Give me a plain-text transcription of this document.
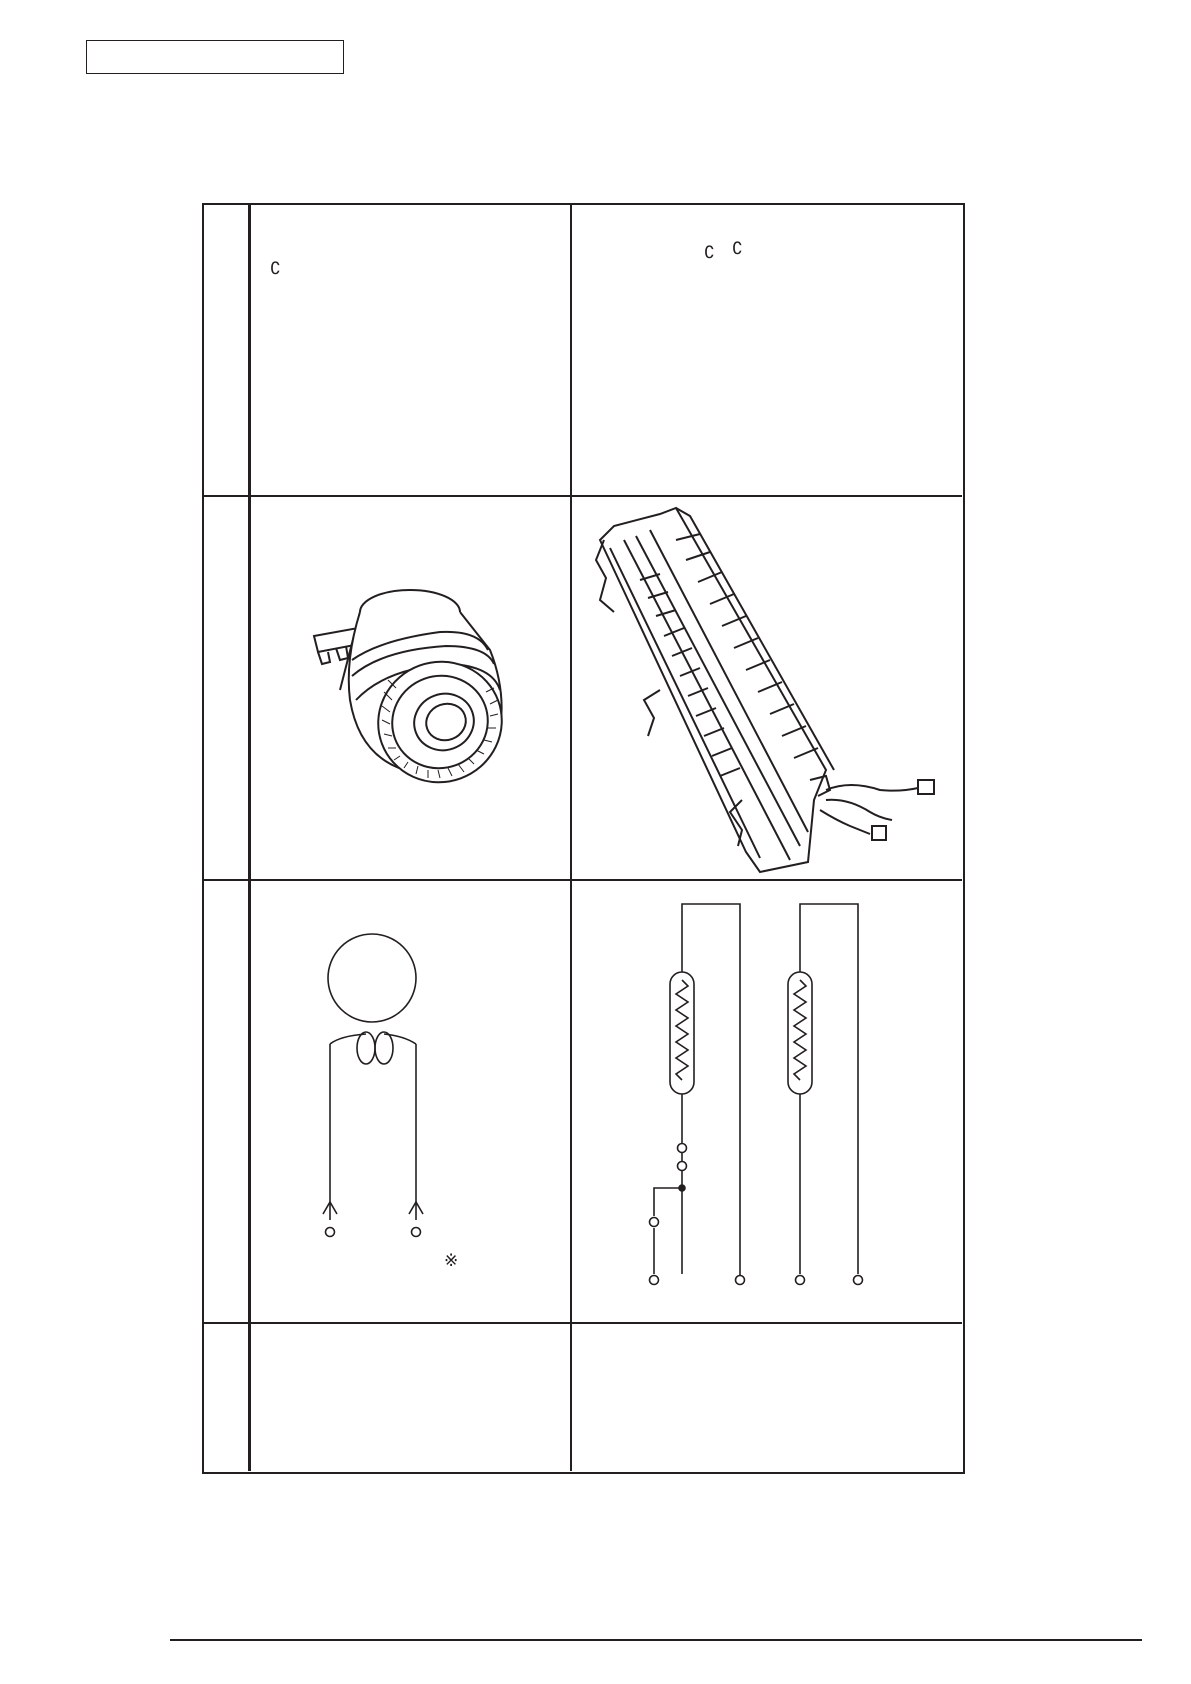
∁
∁ ∁
※
